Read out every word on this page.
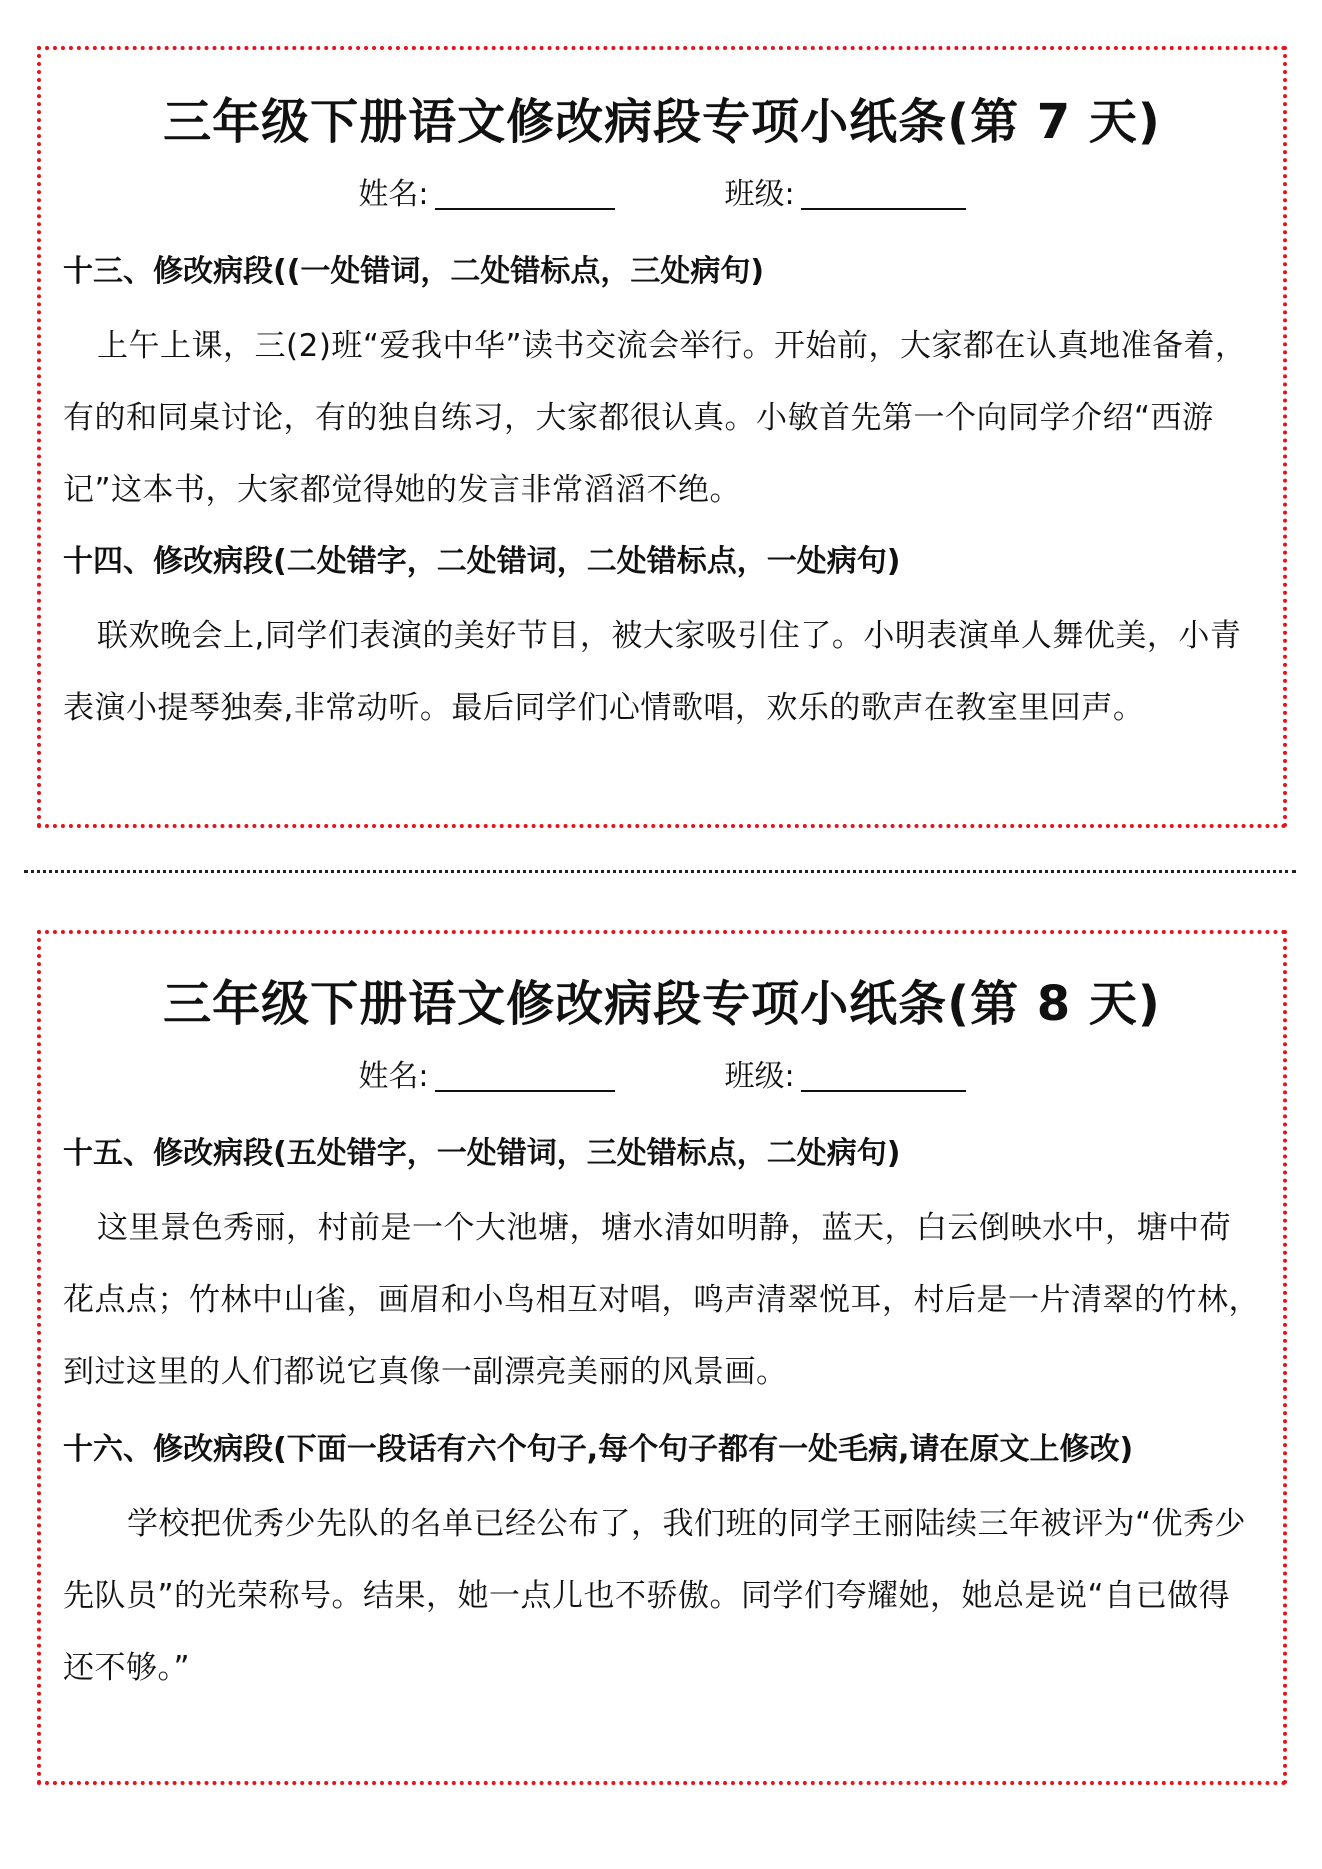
三年级下册语文修改病段专项小纸条(第 7 天)
姓名:	班级:
十三、修改病段((一处错词，二处错标点，三处病句)

上午上课，三(2)班“爱我中华”读书交流会举行。开始前，大家都在认真地准备着，有的和同桌讨论，有的独自练习，大家都很认真。小敏首先第一个向同学介绍“西游记”这本书，大家都觉得她的发言非常滔滔不绝。

十四、修改病段(二处错字，二处错词，二处错标点，一处病句)

联欢晚会上,同学们表演的美好节目，被大家吸引住了。小明表演单人舞优美，小青表演小提琴独奏,非常动听。最后同学们心情歌唱，欢乐的歌声在教室里回声。

三年级下册语文修改病段专项小纸条(第 8 天)
姓名:	班级:
十五、修改病段(五处错字，一处错词，三处错标点，二处病句)

这里景色秀丽，村前是一个大池塘，塘水清如明静，蓝天，白云倒映水中，塘中荷花点点；竹林中山雀，画眉和小鸟相互对唱，鸣声清翠悦耳，村后是一片清翠的竹林，到过这里的人们都说它真像一副漂亮美丽的风景画。

十六、修改病段(下面一段话有六个句子,每个句子都有一处毛病,请在原文上修改)

学校把优秀少先队的名单已经公布了，我们班的同学王丽陆续三年被评为“优秀少先队员”的光荣称号。结果，她一点儿也不骄傲。同学们夸耀她，她总是说“自已做得还不够。”
